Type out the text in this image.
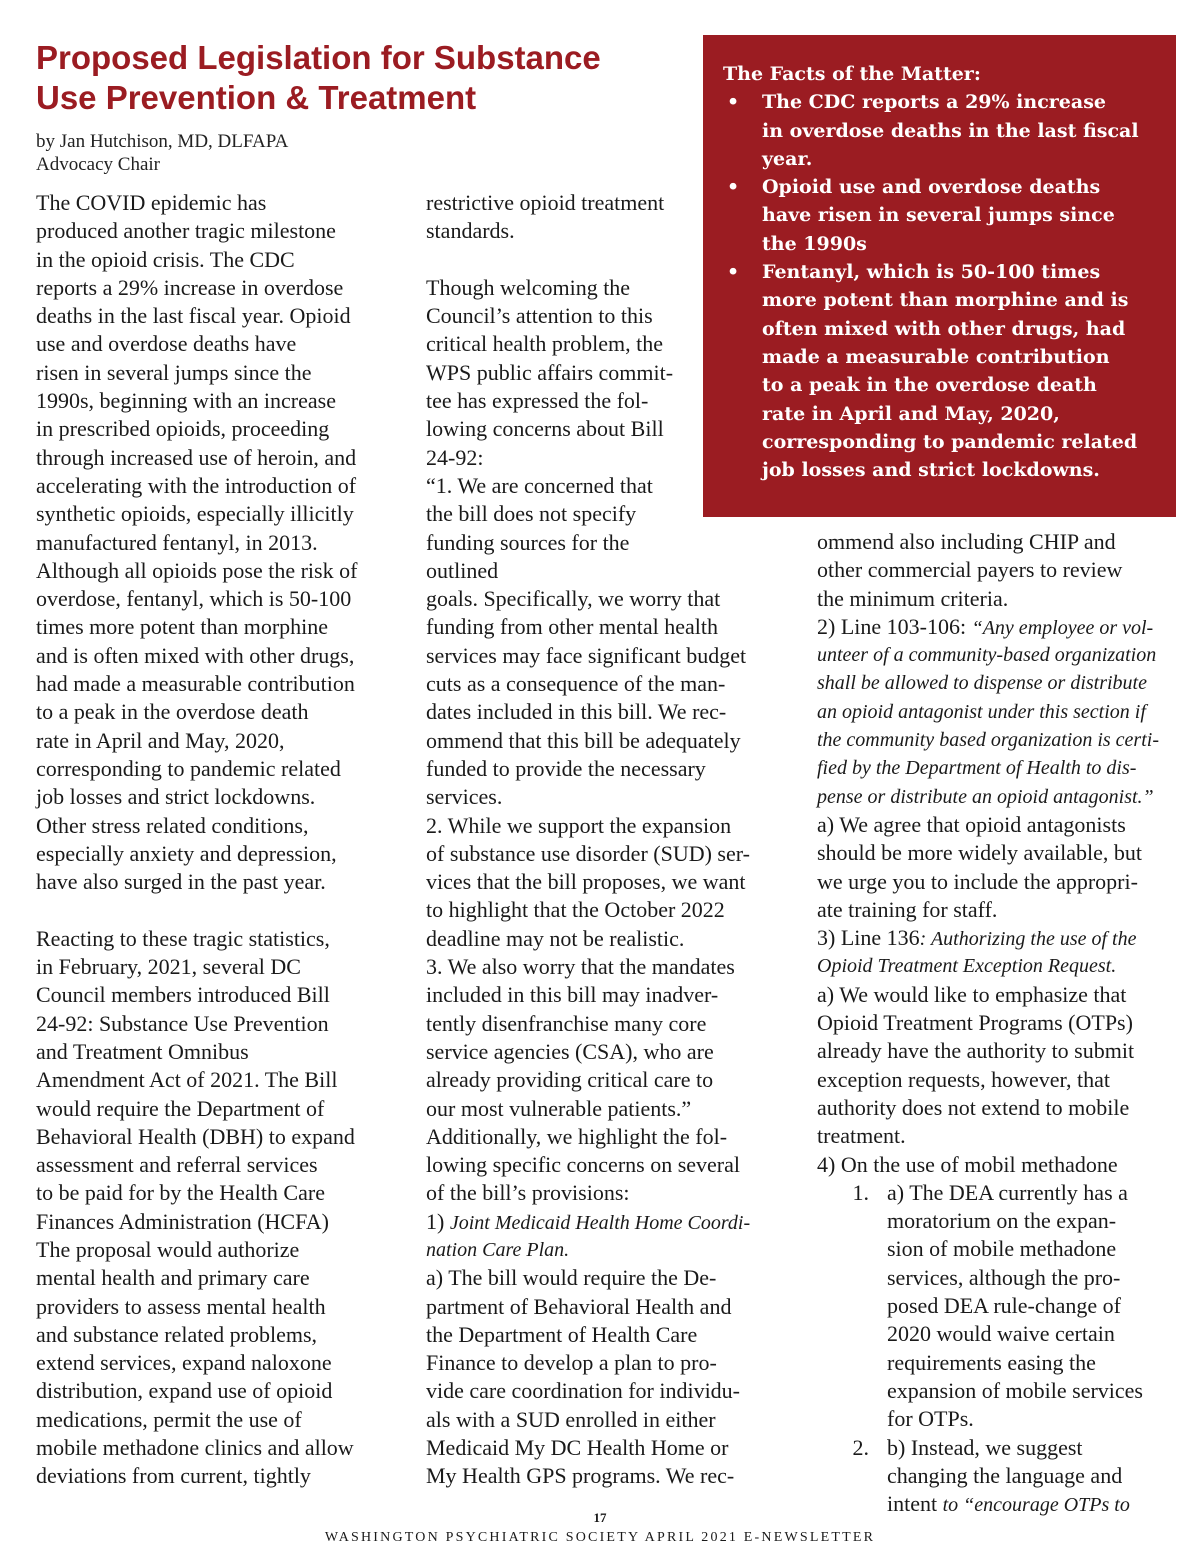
Proposed Legislation for Substance
Use Prevention & Treatment
by Jan Hutchison, MD, DLFAPA
Advocacy Chair
The Facts of the Matter:
•	The CDC reports a 29% increase
in overdose deaths in the last fiscal
year.
•	Opioid use and overdose deaths
have risen in several jumps since
the 1990s
•	Fentanyl, which is 50-100 times
more potent than morphine and is
often mixed with other drugs, had
made a measurable contribution
to a peak in the overdose death
rate in April and May, 2020,
corresponding to pandemic related
job losses and strict lockdowns.
The COVID epidemic has
produced another tragic milestone
in the opioid crisis. The CDC
reports a 29% increase in overdose
deaths in the last fiscal year. Opioid
use and overdose deaths have
risen in several jumps since the
1990s, beginning with an increase
in prescribed opioids, proceeding
through increased use of heroin, and
accelerating with the introduction of
synthetic opioids, especially illicitly
manufactured fentanyl, in 2013.
Although all opioids pose the risk of
overdose, fentanyl, which is 50-100
times more potent than morphine
and is often mixed with other drugs,
had made a measurable contribution
to a peak in the overdose death
rate in April and May, 2020,
corresponding to pandemic related
job losses and strict lockdowns.
Other stress related conditions,
especially anxiety and depression,
have also surged in the past year.
Reacting to these tragic statistics,
in February, 2021, several DC
Council members introduced Bill
24-92: Substance Use Prevention
and Treatment Omnibus
Amendment Act of 2021. The Bill
would require the Department of
Behavioral Health (DBH) to expand
assessment and referral services
to be paid for by the Health Care
Finances Administration (HCFA)
The proposal would authorize
mental health and primary care
providers to assess mental health
and substance related problems,
extend services, expand naloxone
distribution, expand use of opioid
medications, permit the use of
mobile methadone clinics and allow
deviations from current, tightly
restrictive opioid treatment
standards.
Though welcoming the
Council’s attention to this
critical health problem, the
WPS public affairs commit-
tee has expressed the fol-
lowing concerns about Bill
24-92:
“1. We are concerned that
the bill does not specify
funding sources for the
outlined
goals. Specifically, we worry that
funding from other mental health
services may face significant budget
cuts as a consequence of the man-
dates included in this bill. We rec-
ommend that this bill be adequately
funded to provide the necessary
services.
2. While we support the expansion
of substance use disorder (SUD) ser-
vices that the bill proposes, we want
to highlight that the October 2022
deadline may not be realistic.
3. We also worry that the mandates
included in this bill may inadver-
tently disenfranchise many core
service agencies (CSA), who are
already providing critical care to
our most vulnerable patients.”
Additionally, we highlight the fol-
lowing specific concerns on several
of the bill’s provisions:
1) Joint Medicaid Health Home Coordi-
nation Care Plan.
a) The bill would require the De-
partment of Behavioral Health and
the Department of Health Care
Finance to develop a plan to pro-
vide care coordination for individu-
als with a SUD enrolled in either
Medicaid My DC Health Home or
My Health GPS programs. We rec-
ommend also including CHIP and
other commercial payers to review
the minimum criteria.
2) Line 103-106: “Any employee or vol-
unteer of a community-based organization
shall be allowed to dispense or distribute
an opioid antagonist under this section if
the community based organization is certi-
fied by the Department of Health to dis-
pense or distribute an opioid antagonist.”
a) We agree that opioid antagonists
should be more widely available, but
we urge you to include the appropri-
ate training for staff.
3) Line 136: Authorizing the use of the
Opioid Treatment Exception Request.
a) We would like to emphasize that
Opioid Treatment Programs (OTPs)
already have the authority to submit
exception requests, however, that
authority does not extend to mobile
treatment.
4) On the use of mobil methadone
1. a) The DEA currently has a
moratorium on the expan-
sion of mobile methadone
services, although the pro-
posed DEA rule-change of
2020 would waive certain
requirements easing the
expansion of mobile services
for OTPs.
2. b) Instead, we suggest
changing the language and
intent to “encourage OTPs to
17
WASHINGTON PSYCHIATRIC SOCIETY APRIL 2021 E-NEWSLETTER
